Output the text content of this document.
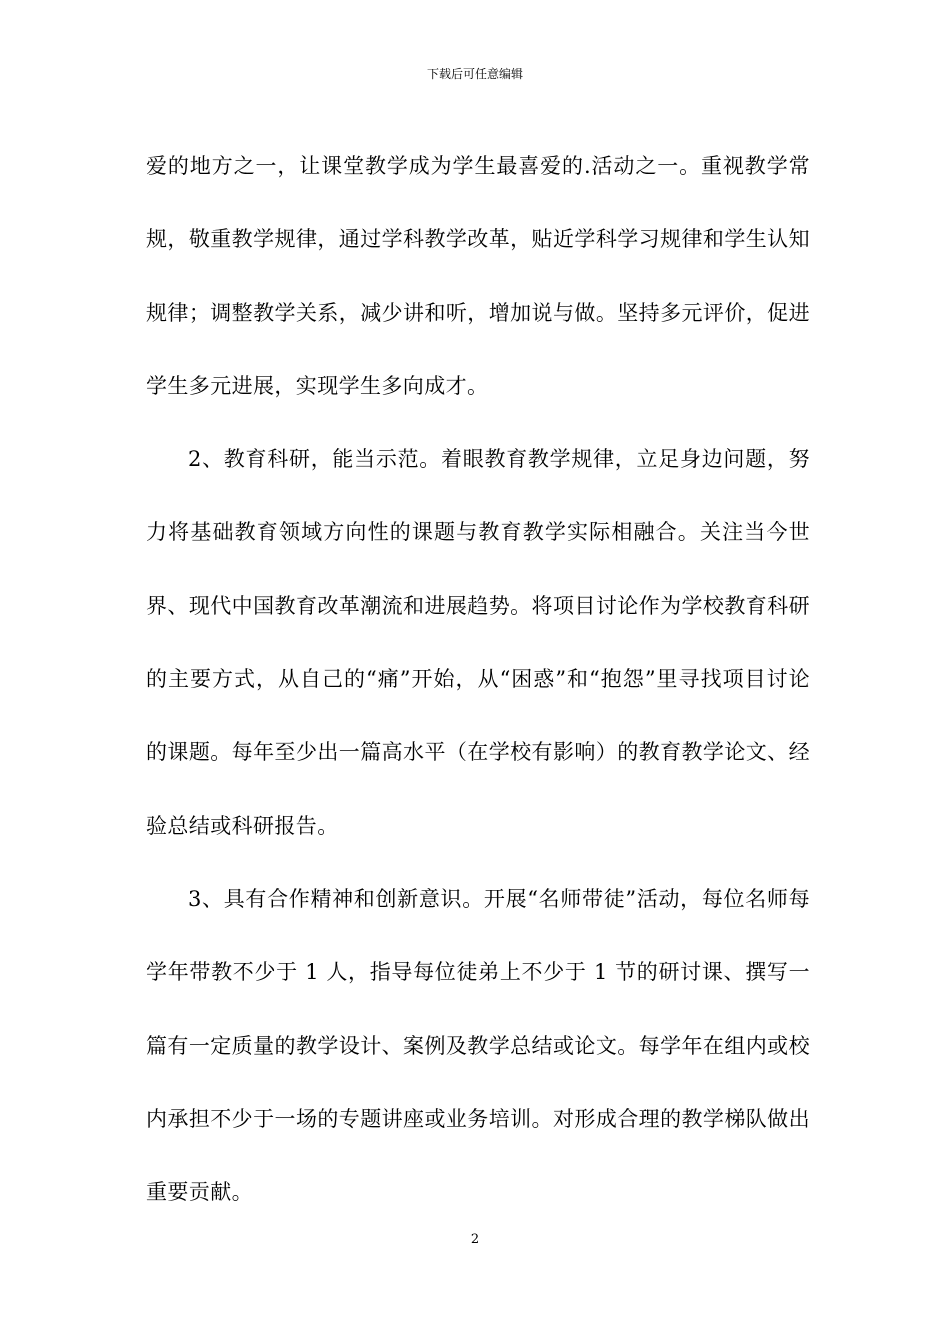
下载后可任意编辑

爱的地方之一，让课堂教学成为学生最喜爱的.活动之一。重视教学常规，敬重教学规律，通过学科教学改革，贴近学科学习规律和学生认知规律；调整教学关系，减少讲和听，增加说与做。坚持多元评价，促进学生多元进展，实现学生多向成才。

2、教育科研，能当示范。着眼教育教学规律，立足身边问题，努力将基础教育领域方向性的课题与教育教学实际相融合。关注当今世界、现代中国教育改革潮流和进展趋势。将项目讨论作为学校教育科研的主要方式，从自己的“痛”开始，从“困惑”和“抱怨”里寻找项目讨论的课题。每年至少出一篇高水平（在学校有影响）的教育教学论文、经验总结或科研报告。

3、具有合作精神和创新意识。开展“名师带徒”活动，每位名师每学年带教不少于 1 人，指导每位徒弟上不少于 1 节的研讨课、撰写一篇有一定质量的教学设计、案例及教学总结或论文。每学年在组内或校内承担不少于一场的专题讲座或业务培训。对形成合理的教学梯队做出重要贡献。

2
